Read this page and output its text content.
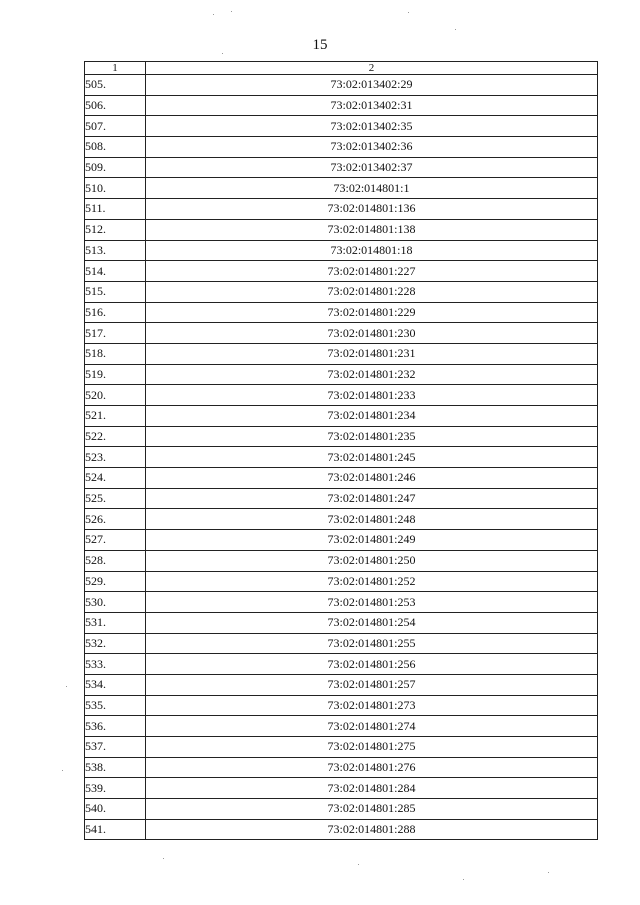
15
1	2
505.	73:02:013402:29
506.	73:02:013402:31
507.	73:02:013402:35
508.	73:02:013402:36
509.	73:02:013402:37
510.	73:02:014801:1
511.	73:02:014801:136
512.	73:02:014801:138
513.	73:02:014801:18
514.	73:02:014801:227
515.	73:02:014801:228
516.	73:02:014801:229
517.	73:02:014801:230
518.	73:02:014801:231
519.	73:02:014801:232
520.	73:02:014801:233
521.	73:02:014801:234
522.	73:02:014801:235
523.	73:02:014801:245
524.	73:02:014801:246
525.	73:02:014801:247
526.	73:02:014801:248
527.	73:02:014801:249
528.	73:02:014801:250
529.	73:02:014801:252
530.	73:02:014801:253
531.	73:02:014801:254
532.	73:02:014801:255
533.	73:02:014801:256
534.	73:02:014801:257
535.	73:02:014801:273
536.	73:02:014801:274
537.	73:02:014801:275
538.	73:02:014801:276
539.	73:02:014801:284
540.	73:02:014801:285
541.	73:02:014801:288
